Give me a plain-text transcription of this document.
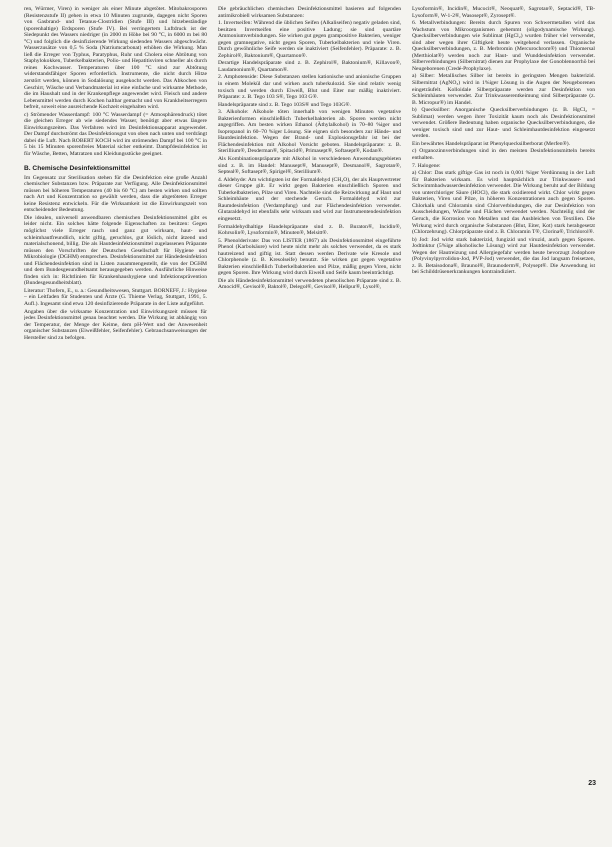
ren, Würmer, Viren) in weniger als einer Minute abgetötet. Mitobakrosporen (Resistenzstufe II) gehen in etwa 10 Minuten zugrunde, dagegen nicht Sporen von Gasbrand- und Tetanus-Clostridien (Stufe III) und hitzebeständige (sporenhaltige) Erdsporen (Stufe IV). Bei verringertem Luftdruck ist der Siedepunkt des Wassers niedriger (in 2000 m Höhe bei 90 °C, in 6000 m bei 80 °C) und folglich die desinfizierende Wirkung siedenden Wassers abgeschwächt. Wasserzusätze von 0,5 % Soda (Natriumcarbonat) erhöhen die Wirkung. Man ließ die Erreger von Typhus, Paratyphus, Ruhr und Cholera eine Abtötung von Staphylokokken, Tuberkelbakterien, Polio- und Hepatitisviren schneller als durch reines Kochwasser. Temperaturen über 100 °C sind zur Abtötung widerstandsfähiger Sporen erforderlich. Instrumente, die nicht durch Hitze zerstört werden, können in Sodalösung ausgekocht werden. Das Abkochen von Geschirr, Wäsche und Verbandmaterial ist eine einfache und wirksame Methode, die im Haushalt und in der Krankenpflege angewendet wird. Fleisch und andere Lebensmittel werden durch Kochen haltbar gemacht und von Krankheitserregern befreit, soweit eine ausreichende Kochzeit eingehalten wird.

c) Strömender Wasserdampf: 100 °C Wasserdampf (= Atmosphärendruck) tötet die gleichen Erreger ab wie siedendes Wasser, benötigt aber etwas längere Einwirkungszeiten. Das Verfahren wird im Desinfektionsapparat angewendet. Der Dampf durchströmt das Desinfektionsgut von oben nach unten und verdrängt dabei die Luft. Nach ROBERT KOCH wird im strömenden Dampf bei 100 °C in 5 bis 15 Minuten sporenfreies Material sicher entkeimt. Dampfdesinfektion ist für Wäsche, Betten, Matratzen und Kleidungsstücke geeignet.

B. Chemische Desinfektionsmittel

Im Gegensatz zur Sterilisation stehen für die Desinfektion eine große Anzahl chemischer Substanzen bzw. Präparate zur Verfügung. Alle Desinfektionsmittel müssen bei höheren Temperaturen (40 bis 60 °C) am besten wirken und sollten nach Art und Konzentration so gewählt werden, dass die abgetöteten Erreger keine Resistenz entwickeln. Für die Wirksamkeit ist die Einwirkungszeit von entscheidender Bedeutung.

Die idealen, universell anwendbaren chemischen Desinfektionsmittel gibt es leider nicht. Ein solches hätte folgende Eigenschaften zu besitzen: Gegen möglichst viele Erreger rasch und ganz gut wirksam, haut- und schleimhautfreundlich, nicht giftig, geruchlos, gut löslich, nicht ätzend und materialschonend, billig. Die als Hautdesinfektionsmittel zugelassenen Präparate müssen den Vorschriften der Deutschen Gesellschaft für Hygiene und Mikrobiologie (DGHM) entsprechen. Desinfektionsmittel zur Händedesinfektion und Flächendesinfektion sind in Listen zusammengestellt, die von der DGHM und dem Bundesgesundheitsamt herausgegeben werden. Ausführliche Hinweise finden sich in: Richtlinien für Krankenhaushygiene und Infektionsprävention (Bundesgesundheitsblatt).

Literatur: Thofern, E., u. a.: Gesundheitswesen, Stuttgart. BORNEFF, J.: Hygiene – ein Leitfaden für Studenten und Ärzte (G. Thieme Verlag, Stuttgart, 1991, 5. Aufl.). Ingesamt sind etwa 120 desinfizierende Präparate in der Liste aufgeführt.

Angaben über die wirksame Konzentration und Einwirkungszeit müssen für jedes Desinfektionsmittel genau beachtet werden. Die Wirkung ist abhängig von der Temperatur, der Menge der Keime, dem pH-Wert und der Anwesenheit organischer Substanzen (Eiweißfehler, Seifenfehler). Gebrauchsanweisungen der Hersteller sind zu befolgen.

Die gebräuchlichen chemischen Desinfektionsmittel basieren auf folgenden antimikrobiell wirksamen Substanzen:

1. Invertseifen: Während die üblichen Seifen (Alkaliseifen) negativ geladen sind, besitzen Invertseifen eine positive Ladung; sie sind quartäre Ammoniumverbindungen. Sie wirken gut gegen grampositive Bakterien, weniger gegen gramnegative, nicht gegen Sporen, Tuberkelbakterien und viele Viren. Durch gewöhnliche Seife werden sie inaktiviert (Seifenfehler). Präparate: z. B. Zephirol®, Baktonium®, Quartamon®.

Derartige Handelspräparate sind z. B. Zephirol®, Baktonium®, Killavon®, Laudamonium®, Quartamon®.

2. Amphotenside: Diese Substanzen stellen kationische und anionische Gruppen in einem Molekül dar und wirken auch tuberkulozid. Sie sind relativ wenig toxisch und werden durch Eiweiß, Blut und Eiter nur mäßig inaktiviert. Präparate: z. B. Tego 103 S®, Tego 103 G®.

Handelspräparate sind z. B. Tego 103S® und Tego 103G®.

3. Alkohole: Alkohole töten innerhalb von wenigen Minuten vegetative Bakterienformen einschließlich Tuberkelbakterien ab. Sporen werden nicht angegriffen. Am besten wirken Ethanol (Äthylalkohol) in 70–80 %iger und Isopropanol in 60–70 %iger Lösung. Sie eignen sich besonders zur Hände- und Hautdesinfektion. Wegen der Brand- und Explosionsgefahr ist bei der Flächendesinfektion mit Alkohol Vorsicht geboten. Handelspräparate: z. B. Sterillium®, Desderman®, Spitacid®, Primasept®, Softasept®, Kodan®.

Als Kombinationspräparate mit Alkohol in verschiedenen Anwendungsgebieten sind z. B. im Handel: Manusept®, Manusept®, Desmanol®, Sagrotan®, Septeal®, Softasept®, Spirigel®, Sterillium®.

4. Aldehyde: Am wichtigsten ist der Formaldehyd (CH₂O), der als Hauptvertreter dieser Gruppe gilt. Er wirkt gegen Bakterien einschließlich Sporen und Tuberkelbakterien, Pilze und Viren. Nachteile sind die Reizwirkung auf Haut und Schleimhäute und der stechende Geruch. Formaldehyd wird zur Raumdesinfektion (Verdampfung) und zur Flächendesinfektion verwendet. Glutaraldehyd ist ebenfalls sehr wirksam und wird zur Instrumentendesinfektion eingesetzt.

Formaldehydhaltige Handelspräparate sind z. B. Buraton®, Incidin®, Kohrsolin®, Lysoformin®, Minuten®, Melsitt®.

5. Phenolderivate: Das von LISTER (1867) als Desinfektionsmittel eingeführte Phenol (Karbolsäure) wird heute nicht mehr als solches verwendet, da es stark hautreizend und giftig ist. Statt dessen werden Derivate wie Kresole und Chlorphenole (z. B. Kresolseife) benutzt. Sie wirken gut gegen vegetative Bakterien einschließlich Tuberkelbakterien und Pilze, mäßig gegen Viren, nicht gegen Sporen. Ihre Wirkung wird durch Eiweiß und Seife kaum beeinträchtigt.

Die als Händedesinfektionsmittel verwendeten phenolischen Präparate sind z. B. Amocid®, Gevisol®, Baktol®, Delegol®, Gevisol®, Helipur®, Lysol®,

Lysoformin®, Incidin®, Mucocit®, Neoquat®, Sagrotan®, Septacid®, TB-Lysoform®, W-1-2®, Wasosept®, Zyrosept®.

6. Metallverbindungen: Bereits durch Spuren von Schwermetallen wird das Wachstum von Mikroorganismen gehemmt (oligodynamische Wirkung). Quecksilberverbindungen wie Sublimat (HgCl₂) wurden früher viel verwendet, sind aber wegen ihrer Giftigkeit heute weitgehend verlassen. Organische Quecksilberverbindungen, z. B. Merbromin (Mercurochrom®) und Thiomersal (Merthiolat®) werden noch zur Haut- und Wunddesinfektion verwendet. Silberverbindungen (Silbernitrat) dienen zur Prophylaxe der Gonoblennorrhö bei Neugeborenen (Credé-Prophylaxe).

a) Silber: Metallisches Silber ist bereits in geringsten Mengen bakterizid. Silbernitrat (AgNO₃) wird in 1%iger Lösung in die Augen der Neugeborenen eingeträufelt. Kolloidale Silberpräparate werden zur Desinfektion von Schleimhäuten verwendet. Zur Trinkwasserentkeimung sind Silberpräparate (z. B. Micropur®) im Handel.

b) Quecksilber: Anorganische Quecksilberverbindungen (z. B. HgCl₂ = Sublimat) werden wegen ihrer Toxizität kaum noch als Desinfektionsmittel verwendet. Größere Bedeutung haben organische Quecksilberverbindungen, die weniger toxisch sind und zur Haut- und Schleimhautdesinfektion eingesetzt werden.

Ein bewährtes Handelspräparat ist Phenylquecksilberborat (Merfen®).

c) Organozinnverbindungen sind in den meisten Desinfektionsmitteln bereits enthalten.

7. Halogene:

a) Chlor: Das stark giftige Gas ist noch in 0,001 %iger Verdünnung in der Luft für Bakterien wirksam. Es wird hauptsächlich zur Trinkwasser- und Schwimmbadwasserdesinfektion verwendet. Die Wirkung beruht auf der Bildung von unterchloriger Säure (HOCl), die stark oxidierend wirkt. Chlor wirkt gegen Bakterien, Viren und Pilze, in höheren Konzentrationen auch gegen Sporen. Chlorkalk und Chloramin sind Chlorverbindungen, die zur Desinfektion von Ausscheidungen, Wäsche und Flächen verwendet werden. Nachteilig sind der Geruch, die Korrosion von Metallen und das Ausbleichen von Textilien. Die Wirkung wird durch organische Substanzen (Blut, Eiter, Kot) stark herabgesetzt (Chlorzehrung). Chlorpräparate sind z. B. Chloramin T®, Clorina®, Trichlorol®.

b) Jod: Jod wirkt stark bakterizid, fungizid und viruzid, auch gegen Sporen. Jodtinktur (5%ige alkoholische Lösung) wird zur Hautdesinfektion verwendet. Wegen der Hautreizung und Allergiegefahr werden heute bevorzugt Jodophore (Polyvinylpyrrolidon-Jod, PVP-Jod) verwendet, die das Jod langsam freisetzen, z. B. Betaisodona®, Braunol®, Braunoderm®, Polysept®. Die Anwendung ist bei Schilddrüsenerkrankungen kontraindiziert.

23
